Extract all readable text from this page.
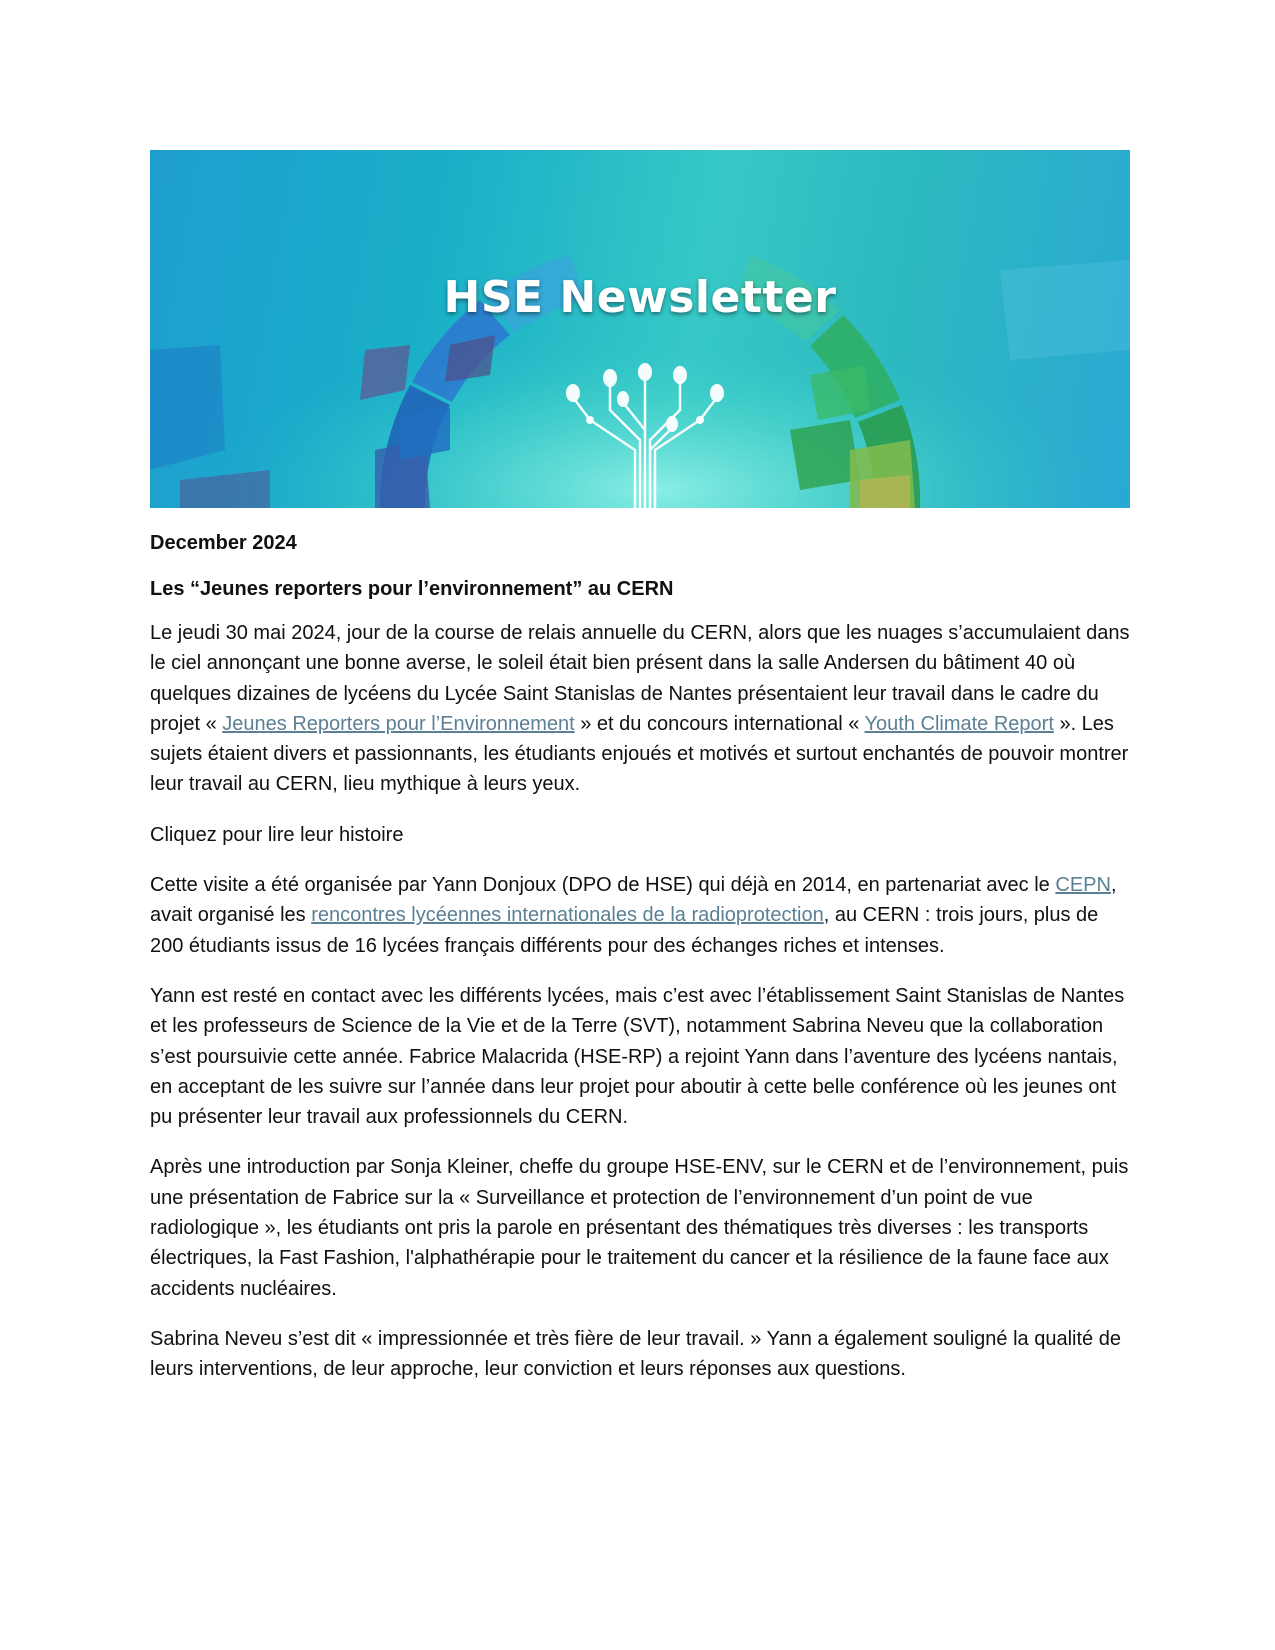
HSE Newsletter
December 2024
Les “Jeunes reporters pour l’environnement” au CERN

Le jeudi 30 mai 2024, jour de la course de relais annuelle du CERN, alors que les nuages s’accumulaient dans le ciel annonçant une bonne averse, le soleil était bien présent dans la salle Andersen du bâtiment 40 où quelques dizaines de lycéens du Lycée Saint Stanislas de Nantes présentaient leur travail dans le cadre du projet « Jeunes Reporters pour l’Environnement » et du concours international « Youth Climate Report ». Les sujets étaient divers et passionnants, les étudiants enjoués et motivés et surtout enchantés de pouvoir montrer leur travail au CERN, lieu mythique à leurs yeux.

Cliquez pour lire leur histoire

Cette visite a été organisée par Yann Donjoux (DPO de HSE) qui déjà en 2014, en partenariat avec le CEPN, avait organisé les rencontres lycéennes internationales de la radioprotection, au CERN : trois jours, plus de 200 étudiants issus de 16 lycées français différents pour des échanges riches et intenses.

Yann est resté en contact avec les différents lycées, mais c’est avec l’établissement Saint Stanislas de Nantes et les professeurs de Science de la Vie et de la Terre (SVT), notamment Sabrina Neveu que la collaboration s’est poursuivie cette année. Fabrice Malacrida (HSE-RP) a rejoint Yann dans l’aventure des lycéens nantais, en acceptant de les suivre sur l’année dans leur projet pour aboutir à cette belle conférence où les jeunes ont pu présenter leur travail aux professionnels du CERN.

Après une introduction par Sonja Kleiner, cheffe du groupe HSE-ENV, sur le CERN et de l’environnement, puis une présentation de Fabrice sur la « Surveillance et protection de l’environnement d’un point de vue radiologique », les étudiants ont pris la parole en présentant des thématiques très diverses : les transports électriques, la Fast Fashion, l'alphathérapie pour le traitement du cancer et la résilience de la faune face aux accidents nucléaires.

Sabrina Neveu s’est dit « impressionnée et très fière de leur travail. » Yann a également souligné la qualité de leurs interventions, de leur approche, leur conviction et leurs réponses aux questions.
